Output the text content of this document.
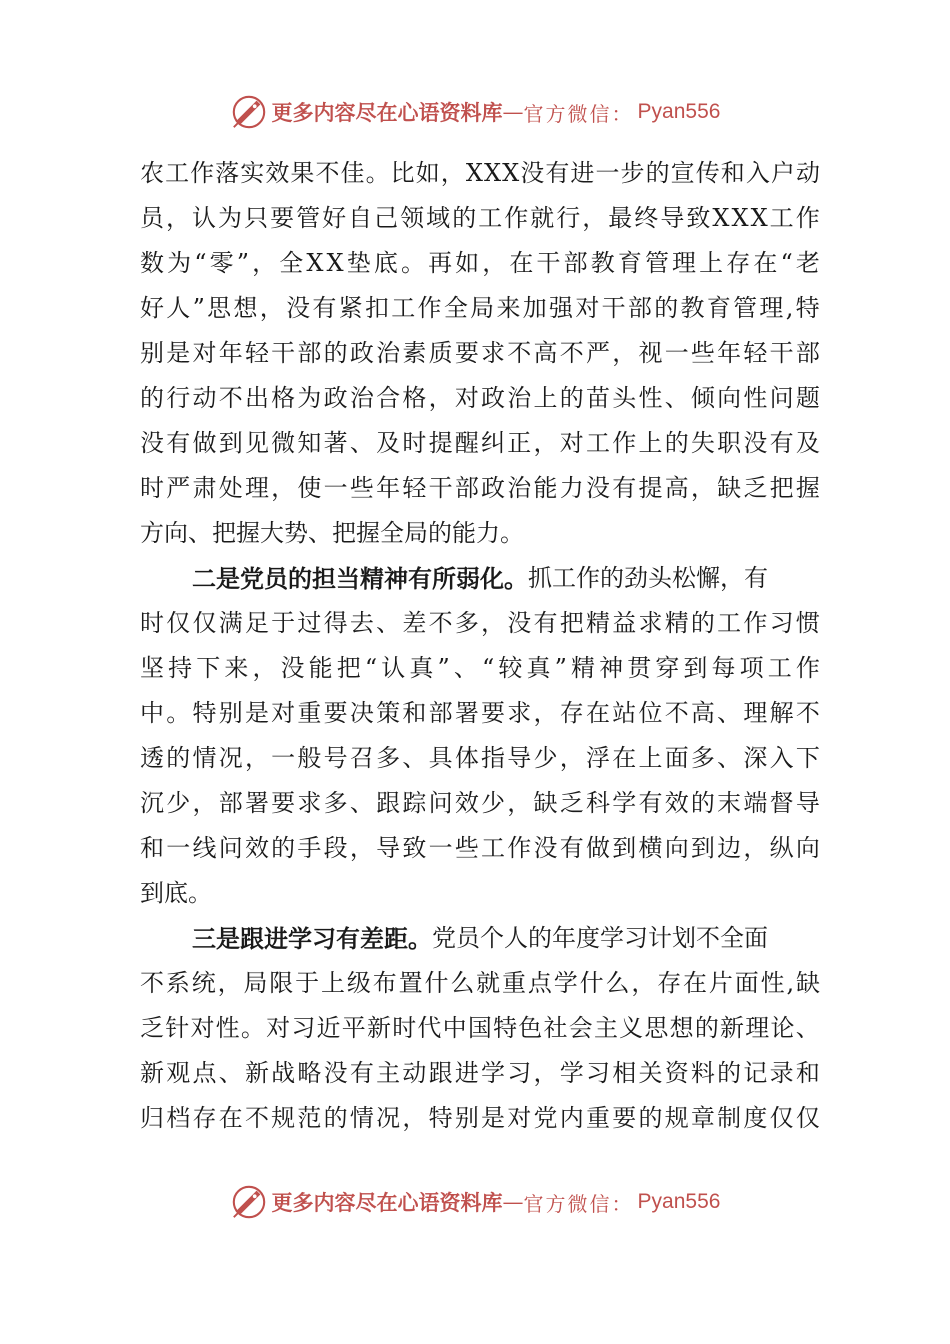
更多内容尽在心语资料库 — 官方微信： Pyan556
农 工 作 落 实 效 果 不 佳 。 比 如 ， X X X 没 有 进 一 步 的 宣 传 和 入 户 动
员 ， 认 为 只 要 管 好 自 己 领 域 的 工 作 就 行 ， 最 终 导 致 X X X 工 作
数 为 “ 零 ” ， 全 X X 垫 底 。 再 如 ， 在 干 部 教 育 管 理 上 存 在 “ 老
好 人 ” 思 想 ， 没 有 紧 扣 工 作 全 局 来 加 强 对 干 部 的 教 育 管 理 , 特
别 是 对 年 轻 干 部 的 政 治 素 质 要 求 不 高 不 严 ， 视 一 些 年 轻 干 部
的 行 动 不 出 格 为 政 治 合 格 ， 对 政 治 上 的 苗 头 性 、 倾 向 性 问 题
没 有 做 到 见 微 知 著 、 及 时 提 醒 纠 正 ， 对 工 作 上 的 失 职 没 有 及
时 严 肃 处 理 ， 使 一 些 年 轻 干 部 政 治 能 力 没 有 提 高 ， 缺 乏 把 握
方向、把握大势、把握全局的能力。
二是党员的担当精神有所弱化。 抓工作的劲头松懈，有
时 仅 仅 满 足 于 过 得 去 、 差 不 多 ， 没 有 把 精 益 求 精 的 工 作 习 惯
坚 持 下 来 ， 没 能 把 “ 认 真 ” 、 “ 较 真 ” 精 神 贯 穿 到 每 项 工 作
中 。 特 别 是 对 重 要 决 策 和 部 署 要 求 ， 存 在 站 位 不 高 、 理 解 不
透 的 情 况 ， 一 般 号 召 多 、 具 体 指 导 少 ， 浮 在 上 面 多 、 深 入 下
沉 少 ， 部 署 要 求 多 、 跟 踪 问 效 少 ， 缺 乏 科 学 有 效 的 末 端 督 导
和 一 线 问 效 的 手 段 ， 导 致 一 些 工 作 没 有 做 到 横 向 到 边 ， 纵 向
到底。
三是跟进学习有差距。 党员个人的年度学习计划不全面
不 系 统 ， 局 限 于 上 级 布 置 什 么 就 重 点 学 什 么 ， 存 在 片 面 性 , 缺
乏 针 对 性 。 对 习 近 平 新 时 代 中 国 特 色 社 会 主 义 思 想 的 新 理 论 、
新 观 点 、 新 战 略 没 有 主 动 跟 进 学 习 ， 学 习 相 关 资 料 的 记 录 和
归 档 存 在 不 规 范 的 情 况 ， 特 别 是 对 党 内 重 要 的 规 章 制 度 仅 仅
更多内容尽在心语资料库 — 官方微信： Pyan556
